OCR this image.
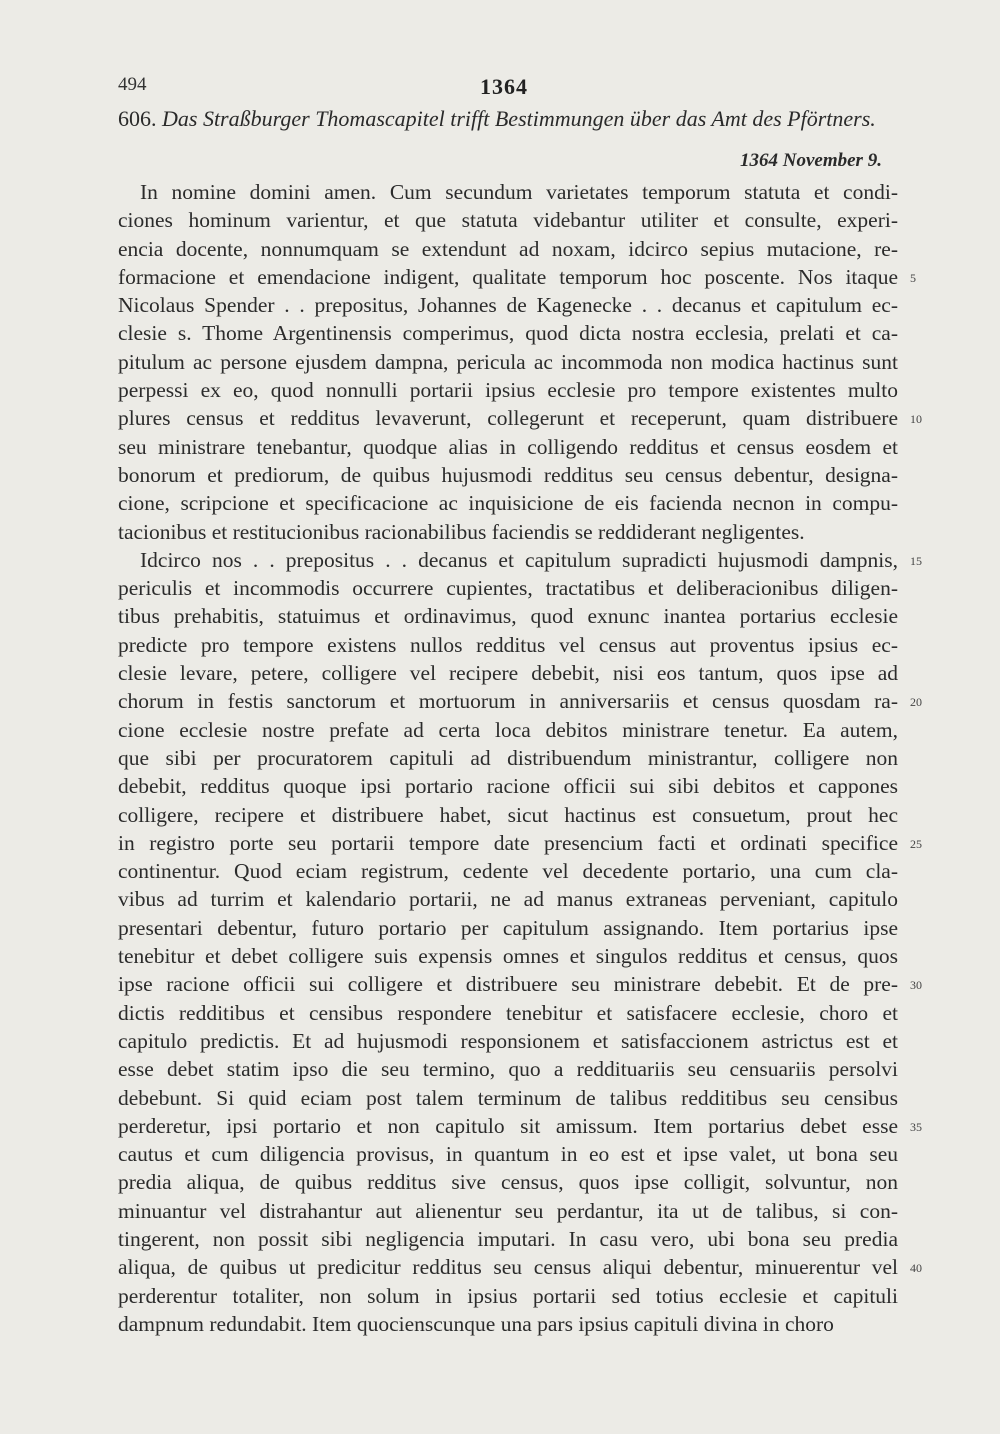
494	1364
606. Das Straßburger Thomascapitel trifft Bestimmungen über das Amt des Pförtners.
1364 November 9.
In nomine domini amen. Cum secundum varietates temporum statuta et condi-
ciones hominum varientur, et que statuta videbantur utiliter et consulte, experi-
encia docente, nonnumquam se extendunt ad noxam, idcirco sepius mutacione, re-
formacione et emendacione indigent, qualitate temporum hoc poscente. Nos itaque
Nicolaus Spender . . prepositus, Johannes de Kagenecke . . decanus et capitulum ec-
clesie s. Thome Argentinensis comperimus, quod dicta nostra ecclesia, prelati et ca-
pitulum ac persone ejusdem dampna, pericula ac incommoda non modica hactinus sunt
perpessi ex eo, quod nonnulli portarii ipsius ecclesie pro tempore existentes multo
plures census et redditus levaverunt, collegerunt et receperunt, quam distribuere
seu ministrare tenebantur, quodque alias in colligendo redditus et census eosdem et
bonorum et prediorum, de quibus hujusmodi redditus seu census debentur, designa-
cione, scripcione et specificacione ac inquisicione de eis facienda necnon in compu-
tacionibus et restitucionibus racionabilibus faciendis se reddiderant negligentes.
Idcirco nos . . prepositus . . decanus et capitulum supradicti hujusmodi dampnis,
periculis et incommodis occurrere cupientes, tractatibus et deliberacionibus diligen-
tibus prehabitis, statuimus et ordinavimus, quod exnunc inantea portarius ecclesie
predicte pro tempore existens nullos redditus vel census aut proventus ipsius ec-
clesie levare, petere, colligere vel recipere debebit, nisi eos tantum, quos ipse ad
chorum in festis sanctorum et mortuorum in anniversariis et census quosdam ra-
cione ecclesie nostre prefate ad certa loca debitos ministrare tenetur. Ea autem,
que sibi per procuratorem capituli ad distribuendum ministrantur, colligere non
debebit, redditus quoque ipsi portario racione officii sui sibi debitos et cappones
colligere, recipere et distribuere habet, sicut hactinus est consuetum, prout hec
in registro porte seu portarii tempore date presencium facti et ordinati specifice
continentur. Quod eciam registrum, cedente vel decedente portario, una cum cla-
vibus ad turrim et kalendario portarii, ne ad manus extraneas perveniant, capitulo
presentari debentur, futuro portario per capitulum assignando. Item portarius ipse
tenebitur et debet colligere suis expensis omnes et singulos redditus et census, quos
ipse racione officii sui colligere et distribuere seu ministrare debebit. Et de pre-
dictis redditibus et censibus respondere tenebitur et satisfacere ecclesie, choro et
capitulo predictis. Et ad hujusmodi responsionem et satisfaccionem astrictus est et
esse debet statim ipso die seu termino, quo a reddituariis seu censuariis persolvi
debebunt. Si quid eciam post talem terminum de talibus redditibus seu censibus
perderetur, ipsi portario et non capitulo sit amissum. Item portarius debet esse
cautus et cum diligencia provisus, in quantum in eo est et ipse valet, ut bona seu
predia aliqua, de quibus redditus sive census, quos ipse colligit, solvuntur, non
minuantur vel distrahantur aut alienentur seu perdantur, ita ut de talibus, si con-
tingerent, non possit sibi negligencia imputari. In casu vero, ubi bona seu predia
aliqua, de quibus ut predicitur redditus seu census aliqui debentur, minuerentur vel
perderentur totaliter, non solum in ipsius portarii sed totius ecclesie et capituli
dampnum redundabit. Item quocienscunque una pars ipsius capituli divina in choro
5
10
15
20
25
30
35
40
